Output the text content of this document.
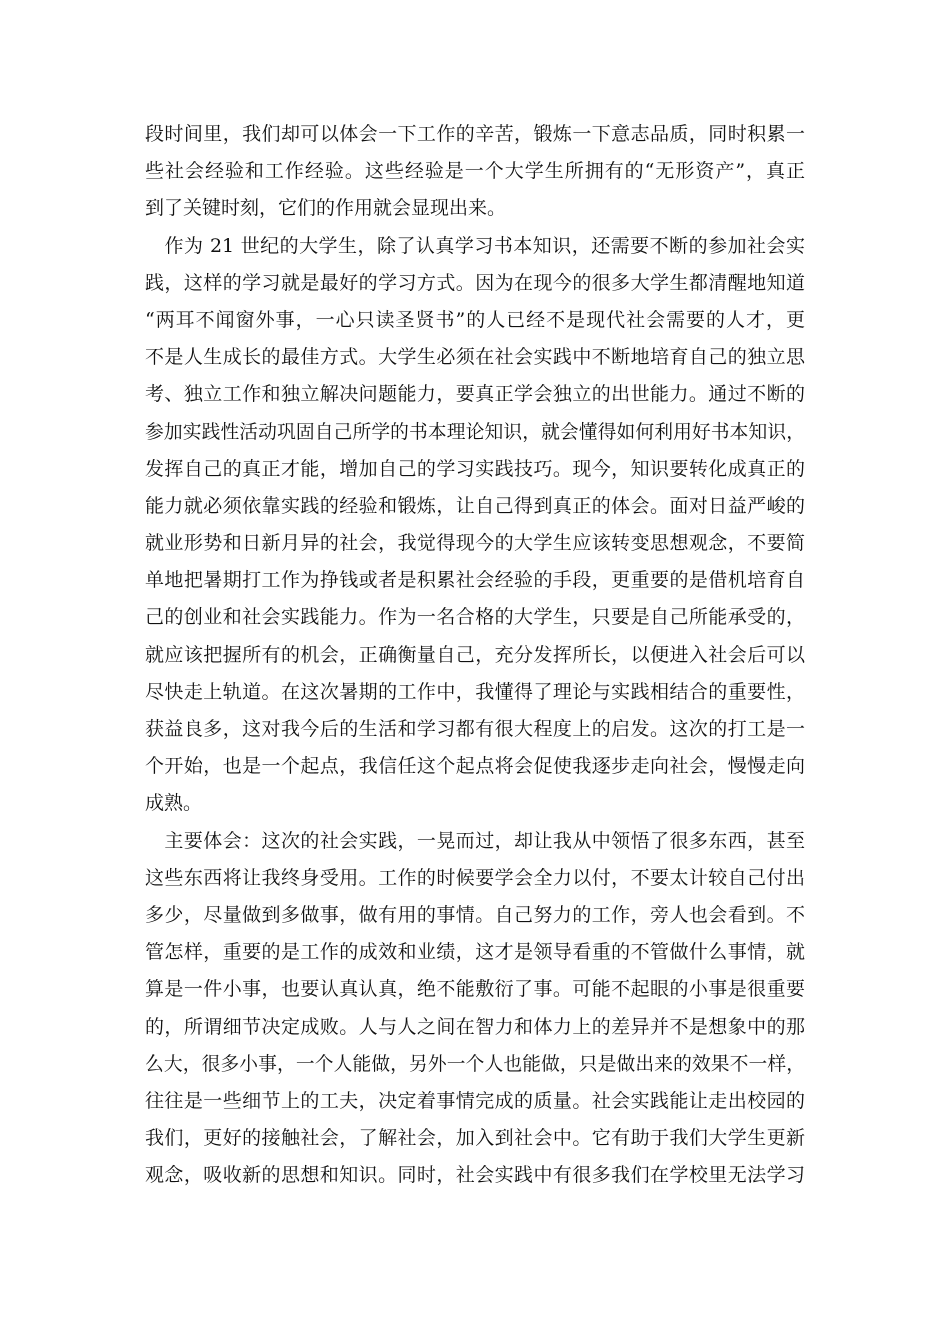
段时间里，我们却可以体会一下工作的辛苦，锻炼一下意志品质，同时积累一
些社会经验和工作经验。这些经验是一个大学生所拥有的“无形资产”，真正
到了关键时刻，它们的作用就会显现出来。
　作为 21 世纪的大学生，除了认真学习书本知识，还需要不断的参加社会实
践，这样的学习就是最好的学习方式。因为在现今的很多大学生都清醒地知道
“两耳不闻窗外事，一心只读圣贤书”的人已经不是现代社会需要的人才，更
不是人生成长的最佳方式。大学生必须在社会实践中不断地培育自己的独立思
考、独立工作和独立解决问题能力，要真正学会独立的出世能力。通过不断的
参加实践性活动巩固自己所学的书本理论知识，就会懂得如何利用好书本知识，
发挥自己的真正才能，增加自己的学习实践技巧。现今，知识要转化成真正的
能力就必须依靠实践的经验和锻炼，让自己得到真正的体会。面对日益严峻的
就业形势和日新月异的社会，我觉得现今的大学生应该转变思想观念，不要简
单地把暑期打工作为挣钱或者是积累社会经验的手段，更重要的是借机培育自
己的创业和社会实践能力。作为一名合格的大学生，只要是自己所能承受的，
就应该把握所有的机会，正确衡量自己，充分发挥所长，以便进入社会后可以
尽快走上轨道。在这次暑期的工作中，我懂得了理论与实践相结合的重要性，
获益良多，这对我今后的生活和学习都有很大程度上的启发。这次的打工是一
个开始，也是一个起点，我信任这个起点将会促使我逐步走向社会，慢慢走向
成熟。
　主要体会：这次的社会实践，一晃而过，却让我从中领悟了很多东西，甚至
这些东西将让我终身受用。工作的时候要学会全力以付，不要太计较自己付出
多少，尽量做到多做事，做有用的事情。自己努力的工作，旁人也会看到。不
管怎样，重要的是工作的成效和业绩，这才是领导看重的不管做什么事情，就
算是一件小事，也要认真认真，绝不能敷衍了事。可能不起眼的小事是很重要
的，所谓细节决定成败。人与人之间在智力和体力上的差异并不是想象中的那
么大，很多小事，一个人能做，另外一个人也能做，只是做出来的效果不一样，
往往是一些细节上的工夫，决定着事情完成的质量。社会实践能让走出校园的
我们，更好的接触社会，了解社会，加入到社会中。它有助于我们大学生更新
观念，吸收新的思想和知识。同时，社会实践中有很多我们在学校里无法学习
